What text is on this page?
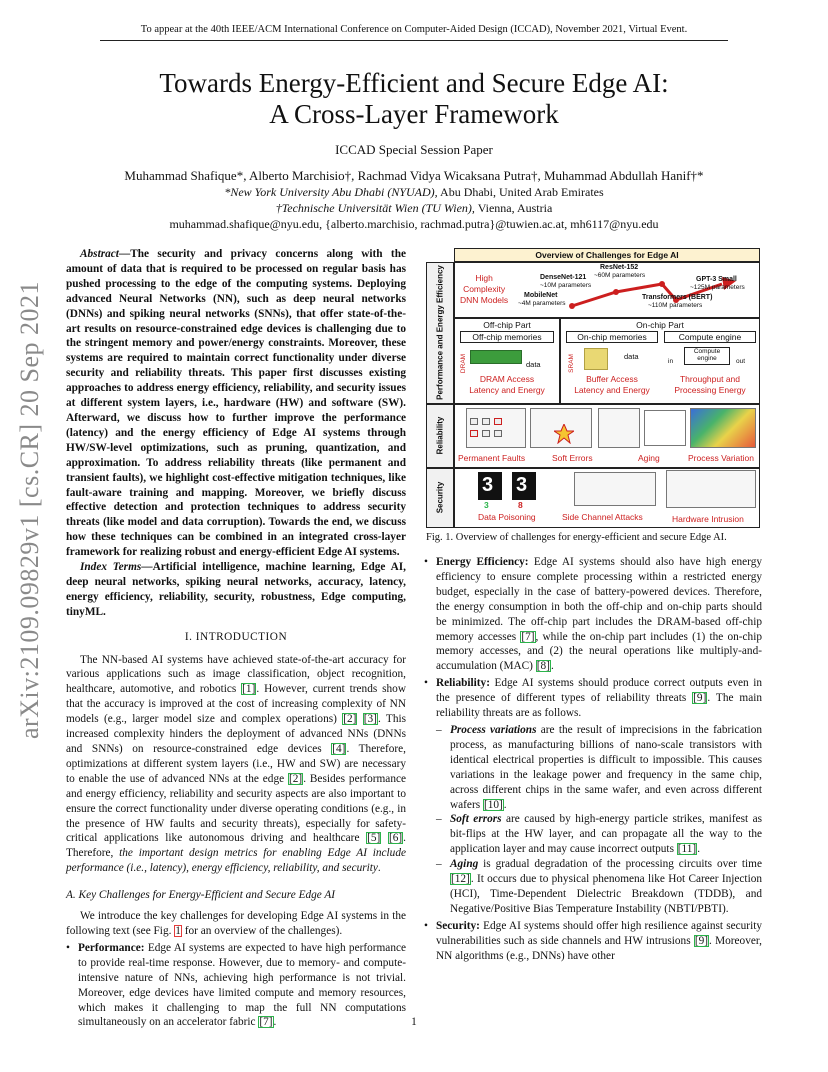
To appear at the 40th IEEE/ACM International Conference on Computer-Aided Design (ICCAD), November 2021, Virtual Event.
Towards Energy-Efficient and Secure Edge AI:
A Cross-Layer Framework
ICCAD Special Session Paper
Muhammad Shafique*, Alberto Marchisio†, Rachmad Vidya Wicaksana Putra†, Muhammad Abdullah Hanif†*
*New York University Abu Dhabi (NYUAD), Abu Dhabi, United Arab Emirates
†Technische Universität Wien (TU Wien), Vienna, Austria
muhammad.shafique@nyu.edu, {alberto.marchisio, rachmad.putra}@tuwien.ac.at, mh6117@nyu.edu
arXiv:2109.09829v1 [cs.CR] 20 Sep 2021

Abstract—The security and privacy concerns along with the amount of data that is required to be processed on regular basis has pushed processing to the edge of the computing systems. Deploying advanced Neural Networks (NN), such as deep neural networks (DNNs) and spiking neural networks (SNNs), that offer state-of-the-art results on resource-constrained edge devices is challenging due to the stringent memory and power/energy constraints. Moreover, these systems are required to maintain correct functionality under diverse security and reliability threats. This paper first discusses existing approaches to address energy efficiency, reliability, and security issues at different system layers, i.e., hardware (HW) and software (SW). Afterward, we discuss how to further improve the performance (latency) and the energy efficiency of Edge AI systems through HW/SW-level optimizations, such as pruning, quantization, and approximation. To address reliability threats (like permanent and transient faults), we highlight cost-effective mitigation techniques, like fault-aware training and mapping. Moreover, we briefly discuss effective detection and protection techniques to address security threats (like model and data corruption). Towards the end, we discuss how these techniques can be combined in an integrated cross-layer framework for realizing robust and energy-efficient Edge AI systems.

Index Terms—Artificial intelligence, machine learning, Edge AI, deep neural networks, spiking neural networks, accuracy, latency, energy efficiency, reliability, security, robustness, Edge computing, tinyML.

I. INTRODUCTION

The NN-based AI systems have achieved state-of-the-art accuracy for various applications such as image classification, object recognition, healthcare, automotive, and robotics [1]. However, current trends show that the accuracy is improved at the cost of increasing complexity of NN models (e.g., larger model size and complex operations) [2] [3]. This increased complexity hinders the deployment of advanced NNs (DNNs and SNNs) on resource-constrained edge devices [4]. Therefore, optimizations at different system layers (i.e., HW and SW) are necessary to enable the use of advanced NNs at the edge [2]. Besides performance and energy efficiency, reliability and security aspects are also important to ensure the correct functionality under diverse operating conditions (e.g., in the presence of HW faults and security threats), especially for safety-critical applications like autonomous driving and healthcare [5] [6]. Therefore, the important design metrics for enabling Edge AI include performance (i.e., latency), energy efficiency, reliability, and security.

A. Key Challenges for Energy-Efficient and Secure Edge AI

We introduce the key challenges for developing Edge AI systems in the following text (see Fig. 1 for an overview of the challenges).

• Performance: Edge AI systems are expected to have high performance to provide real-time response. However, due to memory- and compute-intensive nature of NNs, achieving high performance is not trivial. Moreover, edge devices have limited compute and memory resources, which makes it challenging to map the full NN computations simultaneously on an accelerator fabric [7].
Overview of Challenges for Edge AI
Performance and Energy Efficiency
Reliability
Security
High
Complexity
DNN Models
ResNet-152
~60M parameters
DenseNet-121
~10M parameters
MobileNet
~4M parameters
GPT-3 Small
~125M parameters
Transformers (BERT)
~110M parameters
Off-chip Part	On-chip Part
Off-chip memories	On-chip memories	Compute engine
DRAM	data
DRAM Access
Latency and Energy
SRAM	data
Buffer Access
Latency and Energy
Compute engine
in	out
Throughput and
Processing Energy
Permanent Faults	Soft Errors	Aging	Process Variation
3 3
3	8
Data Poisoning	Side Channel Attacks	Hardware Intrusion
Fig. 1. Overview of challenges for energy-efficient and secure Edge AI.
• Energy Efficiency: Edge AI systems should also have high energy efficiency to ensure complete processing within a restricted energy budget, especially in the case of battery-powered devices. Therefore, the energy consumption in both the off-chip and on-chip parts should be minimized. The off-chip part includes the DRAM-based off-chip memory accesses [7], while the on-chip part includes (1) the on-chip memory accesses, and (2) the neural operations like multiply-and-accumulation (MAC) [8].
• Reliability: Edge AI systems should produce correct outputs even in the presence of different types of reliability threats [9]. The main reliability threats are as follows.
– Process variations are the result of imprecisions in the fabrication process, as manufacturing billions of nano-scale transistors with identical electrical properties is difficult to impossible. This causes variations in the leakage power and frequency in the same chip, across different chips in the same wafer, and even across different wafers [10].
– Soft errors are caused by high-energy particle strikes, manifest as bit-flips at the HW layer, and can propagate all the way to the application layer and may cause incorrect outputs [11].
– Aging is gradual degradation of the processing circuits over time [12]. It occurs due to physical phenomena like Hot Career Injection (HCI), Time-Dependent Dielectric Breakdown (TDDB), and Negative/Positive Bias Temperature Instability (NBTI/PBTI).
• Security: Edge AI systems should offer high resilience against security vulnerabilities such as side channels and HW intrusions [9]. Moreover, NN algorithms (e.g., DNNs) have other
1
